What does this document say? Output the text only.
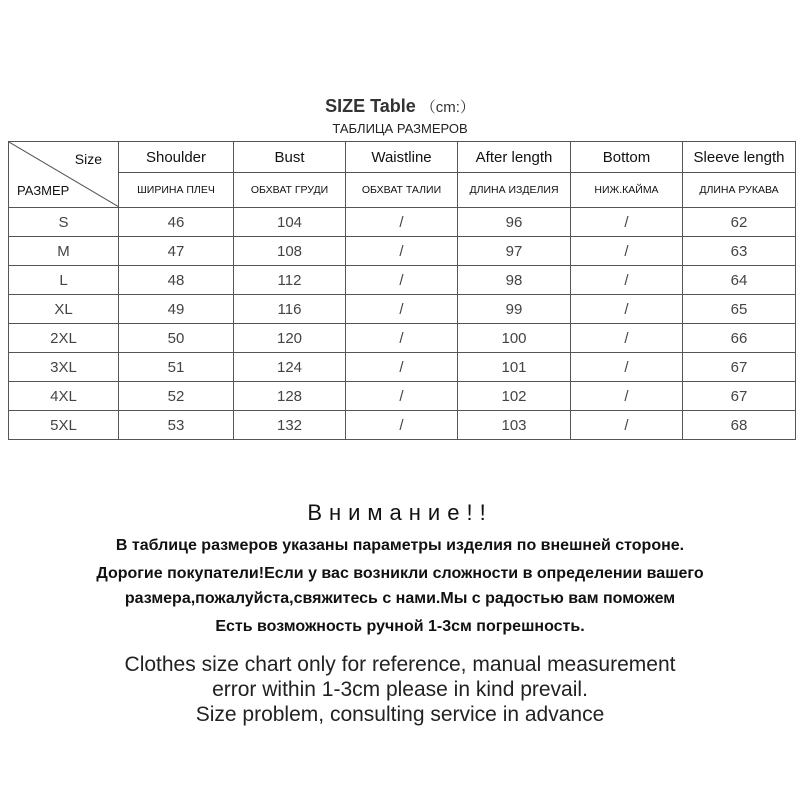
SIZE Table （cm:）
ТАБЛИЦА РАЗМЕРОВ
Size
РАЗМЕР	Shoulder	Bust	Waistline	After length	Bottom	Sleeve length
	ШИРИНА ПЛЕЧ	ОБХВАТ ГРУДИ	ОБХВАТ ТАЛИИ	ДЛИНА ИЗДЕЛИЯ	НИЖ.КАЙМА	ДЛИНА РУКАВА
S	46	104	/	96	/	62
M	47	108	/	97	/	63
L	48	112	/	98	/	64
XL	49	116	/	99	/	65
2XL	50	120	/	100	/	66
3XL	51	124	/	101	/	67
4XL	52	128	/	102	/	67
5XL	53	132	/	103	/	68
Внимание!!
В таблице размеров указаны параметры изделия по внешней стороне.
Дорогие покупатели!Если у вас возникли сложности в определении вашего
размера,пожалуйста,свяжитесь с нами.Мы с радостью вам поможем
Есть возможность ручной 1-3см погрешность.
Clothes size chart only for reference, manual measurement
error within 1-3cm please in kind prevail.
Size problem, consulting service in advance
